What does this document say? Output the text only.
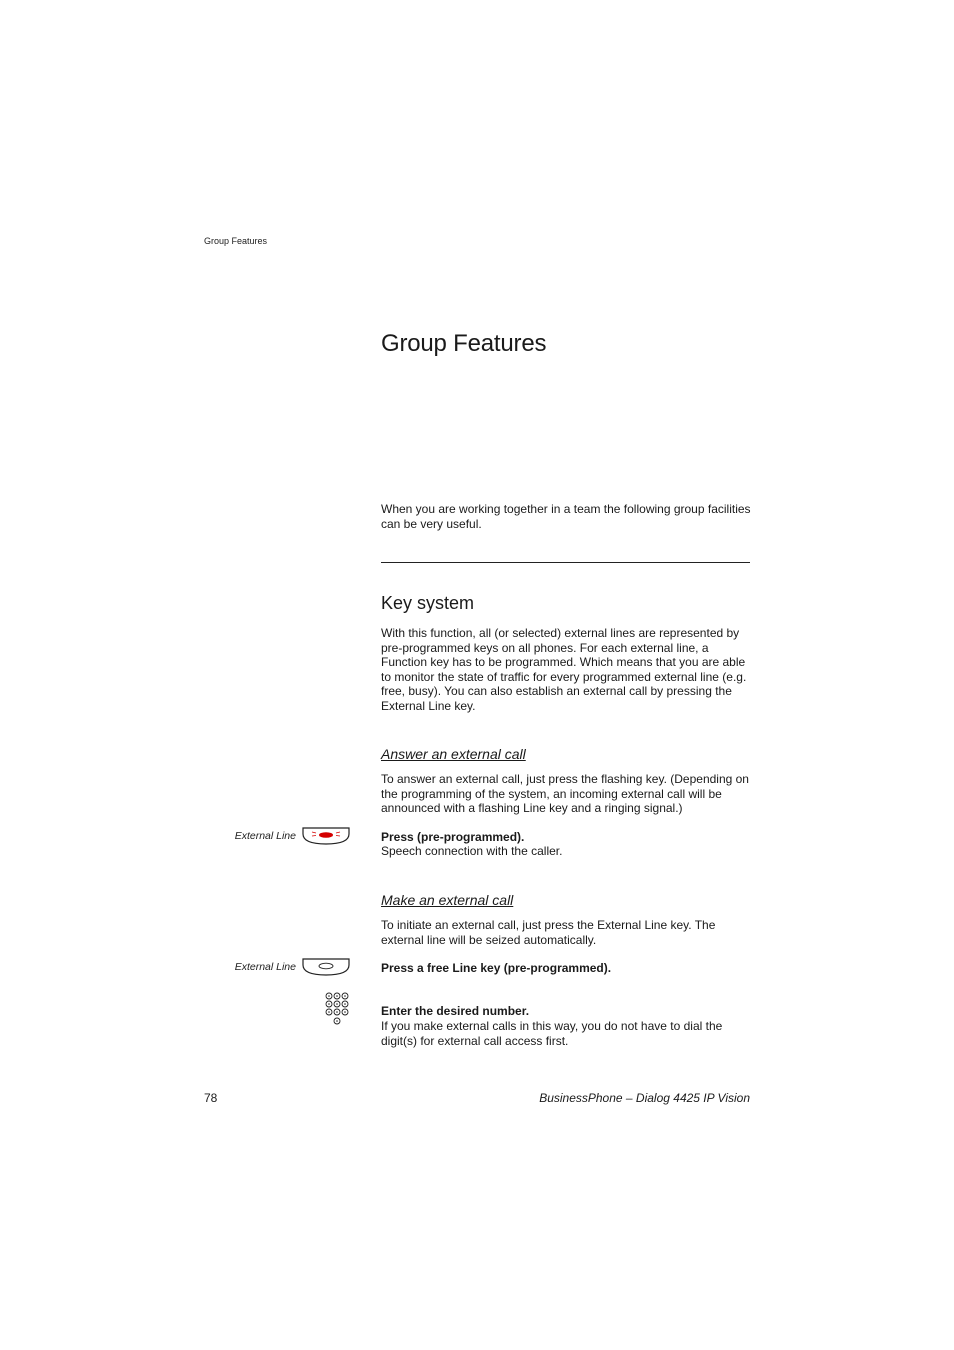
Group Features
Group Features

When you are working together in a team the following group facilities can be very useful.

Key system

With this function, all (or selected) external lines are represented by pre-programmed keys on all phones. For each external line, a Function key has to be programmed. Which means that you are able to monitor the state of traffic for every programmed external line (e.g. free, busy). You can also establish an external call by pressing the External Line key.

Answer an external call

To answer an external call, just press the flashing key. (Depending on the programming of the system, an incoming external call will be announced with a flashing Line key and a ringing signal.)

External Line	Press (pre-programmed).
Speech connection with the caller.
Make an external call

To initiate an external call, just press the External Line key. The external line will be seized automatically.

External Line	Press a free Line key (pre-programmed).
Enter the desired number.
If you make external calls in this way, you do not have to dial the digit(s) for external call access first.
78	BusinessPhone – Dialog 4425 IP Vision
